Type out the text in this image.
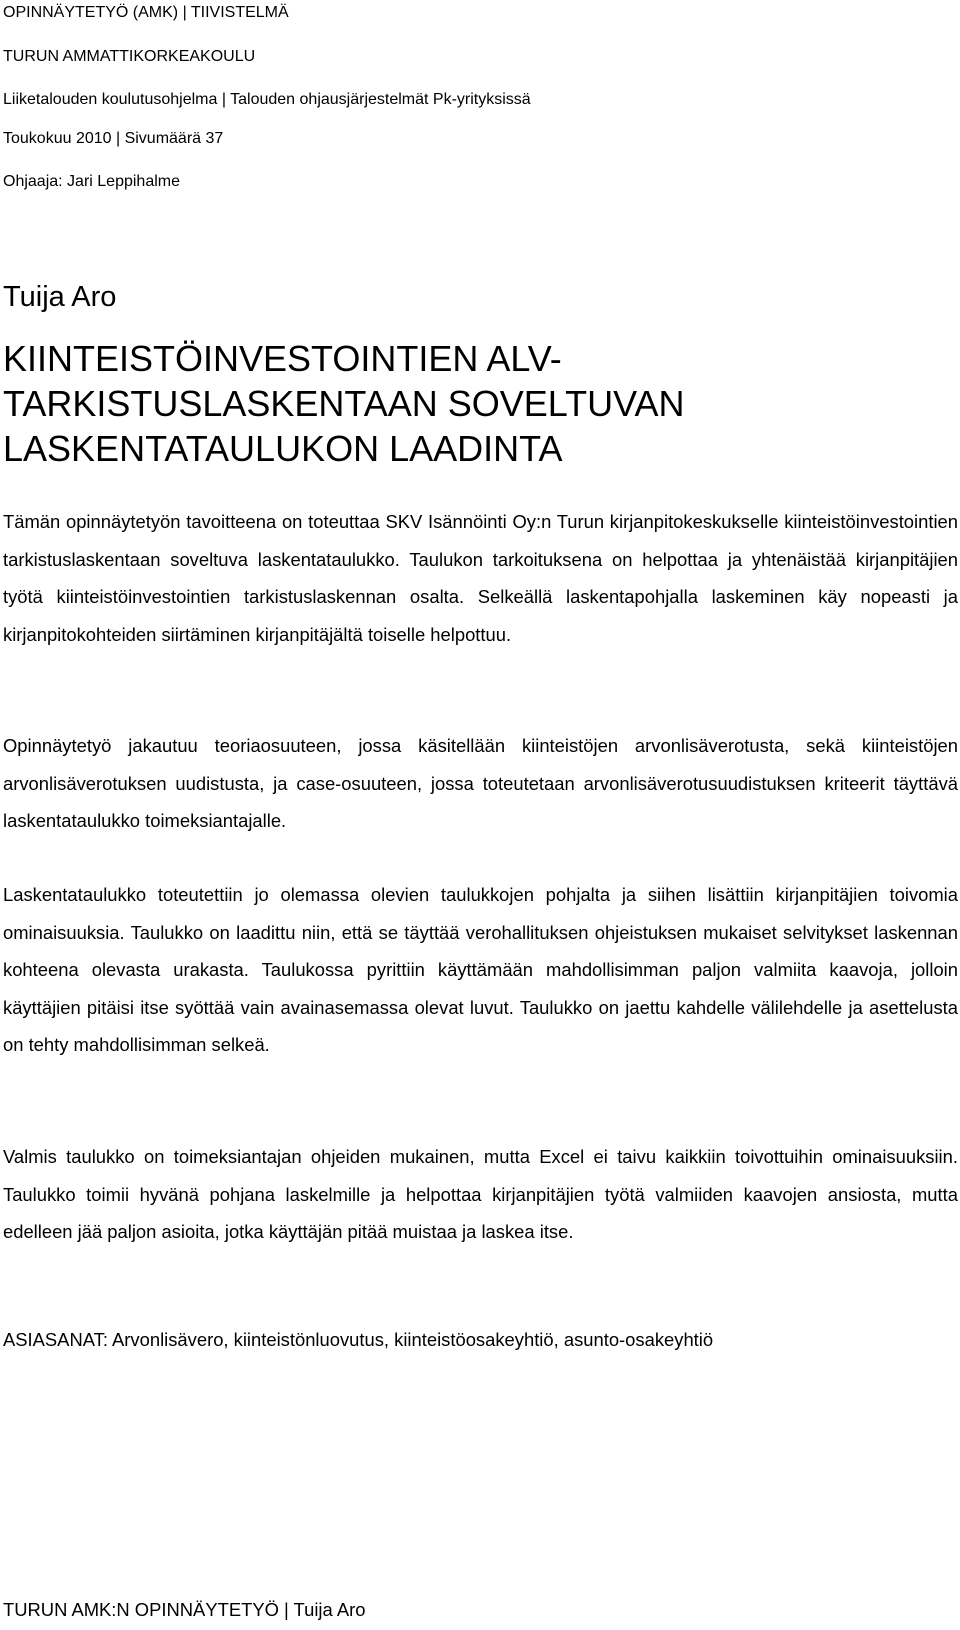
OPINNÄYTETYÖ (AMK) | TIIVISTELMÄ
TURUN AMMATTIKORKEAKOULU
Liiketalouden koulutusohjelma | Talouden ohjausjärjestelmät Pk-yrityksissä
Toukokuu 2010 | Sivumäärä 37
Ohjaaja: Jari Leppihalme
Tuija Aro
KIINTEISTÖINVESTOINTIEN ALV-
TARKISTUSLASKENTAAN SOVELTUVAN
LASKENTATAULUKON LAADINTA

Tämän opinnäytetyön tavoitteena on toteuttaa SKV Isännöinti Oy:n Turun kirjanpitokeskukselle kiinteistöinvestointien tarkistuslaskentaan soveltuva laskentataulukko. Taulukon tarkoituksena on helpottaa ja yhtenäistää kirjanpitäjien työtä kiinteistöinvestointien tarkistuslaskennan osalta. Selkeällä laskentapohjalla laskeminen käy nopeasti ja kirjanpitokohteiden siirtäminen kirjanpitäjältä toiselle helpottuu.

Opinnäytetyö jakautuu teoriaosuuteen, jossa käsitellään kiinteistöjen arvonlisäverotusta, sekä kiinteistöjen arvonlisäverotuksen uudistusta, ja case-osuuteen, jossa toteutetaan arvonlisäverotusuudistuksen kriteerit täyttävä laskentataulukko toimeksiantajalle.

Laskentataulukko toteutettiin jo olemassa olevien taulukkojen pohjalta ja siihen lisättiin kirjanpitäjien toivomia ominaisuuksia. Taulukko on laadittu niin, että se täyttää verohallituksen ohjeistuksen mukaiset selvitykset laskennan kohteena olevasta urakasta. Taulukossa pyrittiin käyttämään mahdollisimman paljon valmiita kaavoja, jolloin käyttäjien pitäisi itse syöttää vain avainasemassa olevat luvut. Taulukko on jaettu kahdelle välilehdelle ja asettelusta on tehty mahdollisimman selkeä.

Valmis taulukko on toimeksiantajan ohjeiden mukainen, mutta Excel ei taivu kaikkiin toivottuihin ominaisuuksiin. Taulukko toimii hyvänä pohjana laskelmille ja helpottaa kirjanpitäjien työtä valmiiden kaavojen ansiosta, mutta edelleen jää paljon asioita, jotka käyttäjän pitää muistaa ja laskea itse.

ASIASANAT: Arvonlisävero, kiinteistönluovutus, kiinteistöosakeyhtiö, asunto-osakeyhtiö
TURUN AMK:N OPINNÄYTETYÖ | Tuija Aro
